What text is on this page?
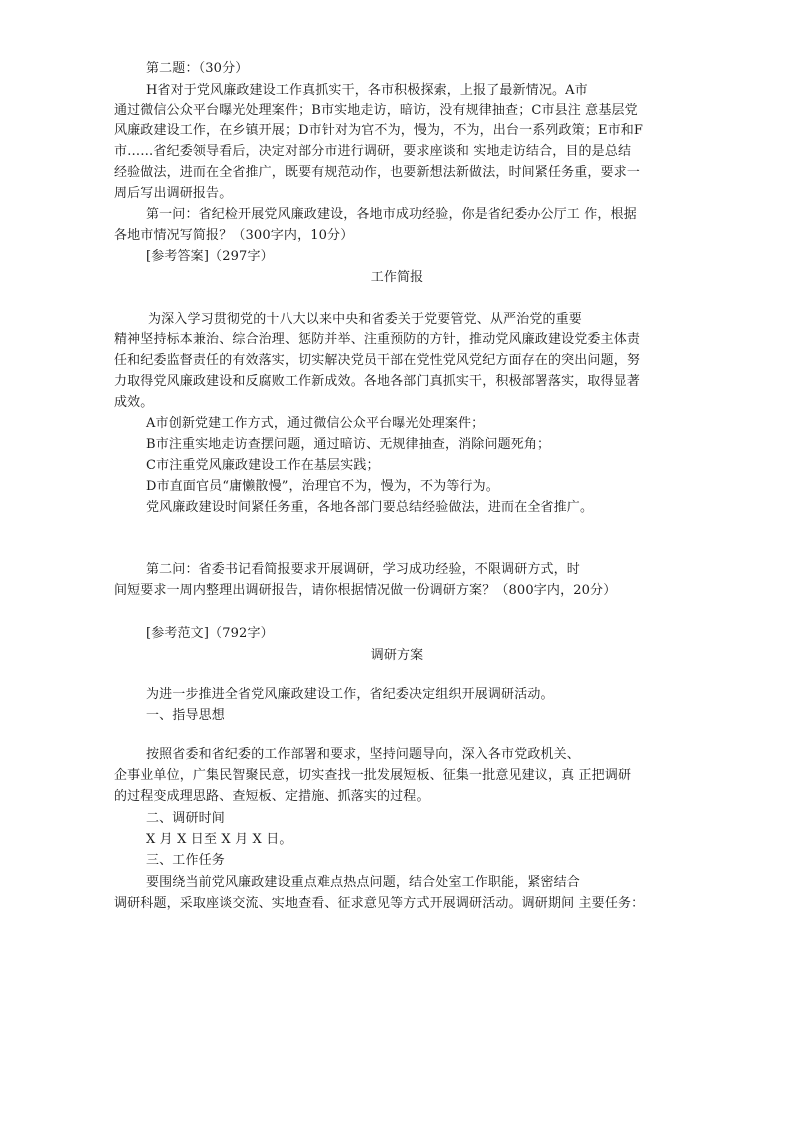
第二题：（30分）
H省对于党风廉政建设工作真抓实干，各市积极探索，上报了最新情况。A市
通过微信公众平台曝光处理案件；B市实地走访，暗访，没有规律抽查；C市县注 意基层党
风廉政建设工作，在乡镇开展；D市针对为官不为，慢为，不为，出台一系列政策；E市和F
市……省纪委领导看后，决定对部分市进行调研，要求座谈和 实地走访结合，目的是总结
经验做法，进而在全省推广，既要有规范动作，也要新想法新做法，时间紧任务重，要求一
周后写出调研报告。
第一问：省纪检开展党风廉政建设，各地市成功经验，你是省纪委办公厅工 作，根据
各地市情况写简报？（300字内，10分）
[参考答案]（297字）
工作简报
为深入学习贯彻党的十八大以来中央和省委关于党要管党、从严治党的重要
精神坚持标本兼治、综合治理、惩防并举、注重预防的方针，推动党风廉政建设党委主体责
任和纪委监督责任的有效落实，切实解决党员干部在党性党风党纪方面存在的突出问题，努
力取得党风廉政建设和反腐败工作新成效。各地各部门真抓实干，积极部署落实，取得显著
成效。
A市创新党建工作方式，通过微信公众平台曝光处理案件；
B市注重实地走访查摆问题，通过暗访、无规律抽查，消除问题死角；
C市注重党风廉政建设工作在基层实践；
D市直面官员“庸懒散慢”，治理官不为，慢为，不为等行为。
党风廉政建设时间紧任务重，各地各部门要总结经验做法，进而在全省推广。
第二问：省委书记看简报要求开展调研，学习成功经验，不限调研方式，时
间短要求一周内整理出调研报告，请你根据情况做一份调研方案？（800字内，20分）
[参考范文]（792字）
调研方案
为进一步推进全省党风廉政建设工作，省纪委决定组织开展调研活动。
一、指导思想
按照省委和省纪委的工作部署和要求，坚持问题导向，深入各市党政机关、
企事业单位，广集民智聚民意，切实查找一批发展短板、征集一批意见建议，真 正把调研
的过程变成理思路、查短板、定措施、抓落实的过程。
二、调研时间
X 月 X 日至 X 月 X 日。
三、工作任务
要围绕当前党风廉政建设重点难点热点问题，结合处室工作职能，紧密结合
调研科题，采取座谈交流、实地查看、征求意见等方式开展调研活动。调研期间 主要任务：
